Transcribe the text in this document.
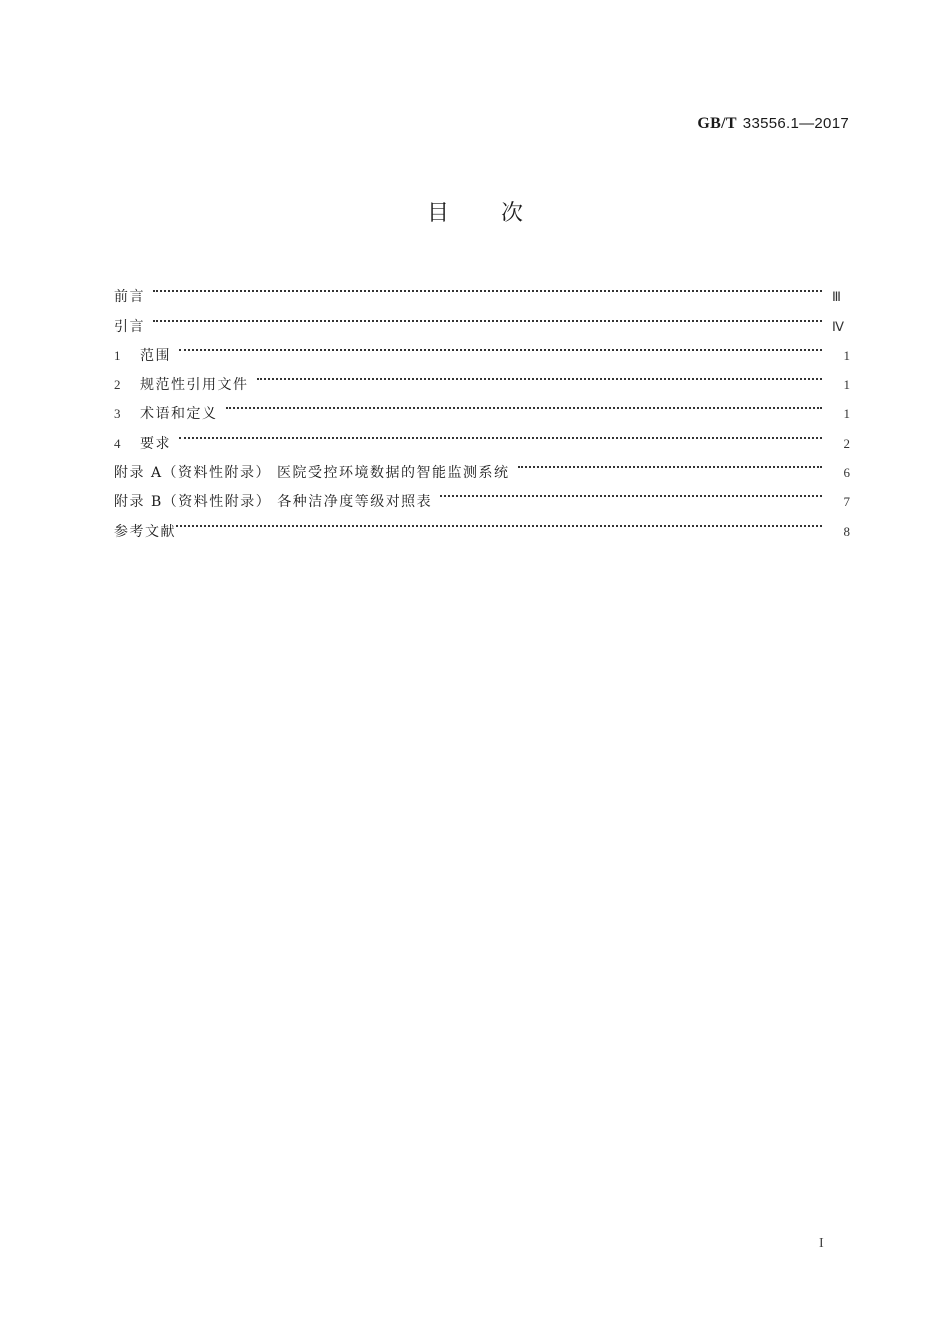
GB/T 33556.1—2017
目次
前言	Ⅲ
引言	Ⅳ
1	范围	1
2	规范性引用文件	1
3	术语和定义	1
4	要求	2
附录 A（资料性附录） 医院受控环境数据的智能监测系统	6
附录 B（资料性附录） 各种洁净度等级对照表	7
参考文献	8
I
